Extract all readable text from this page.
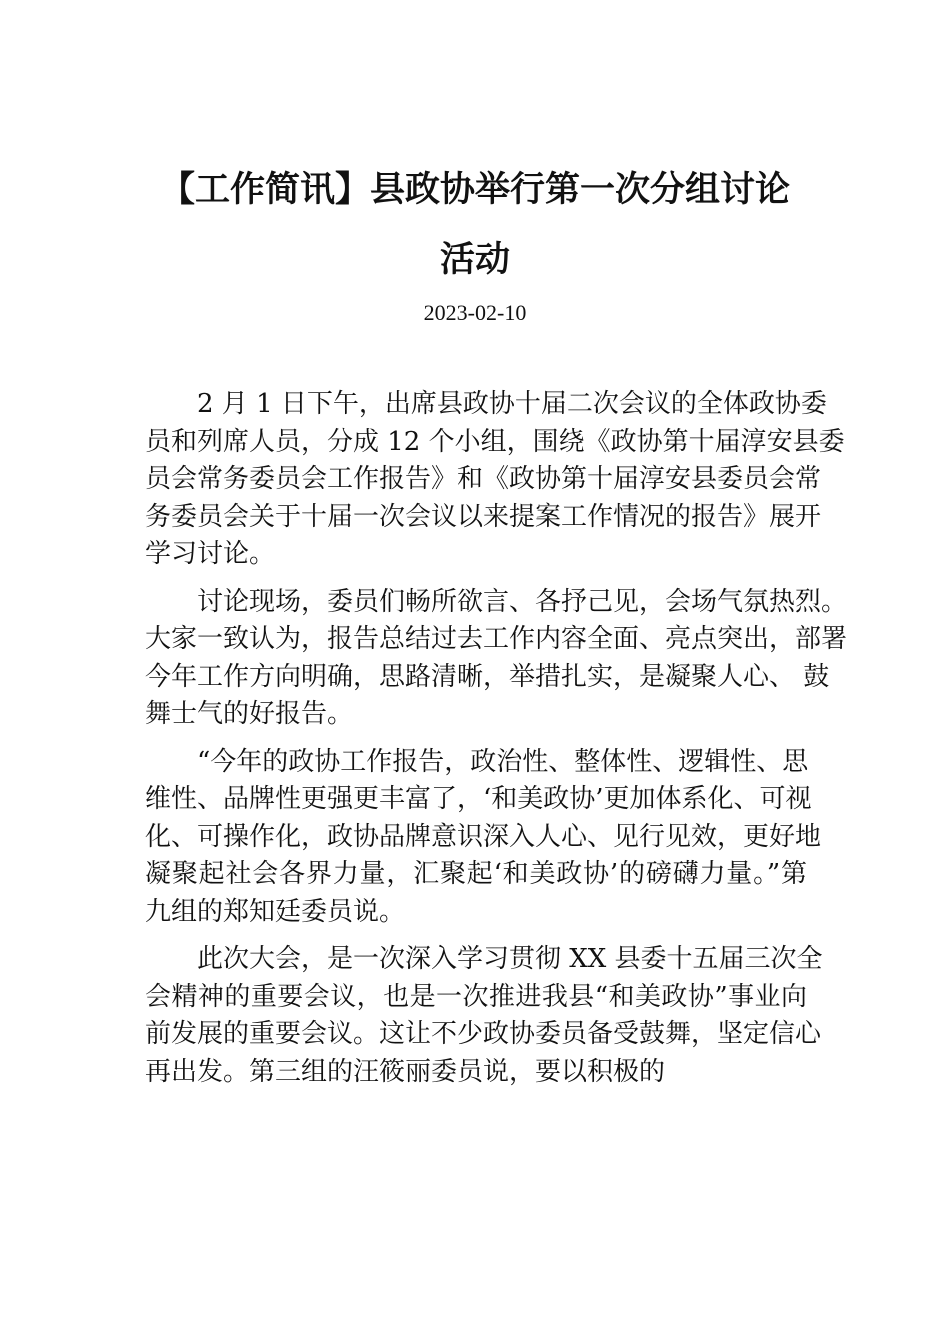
【工作简讯】县政协举行第一次分组讨论
活动
2023-02-10
2 月 1 日下午，出席县政协十届二次会议的全体政协委
员和列席人员，分成 12 个小组，围绕《政协第十届淳安县委
员会常务委员会工作报告》和《政协第十届淳安县委员会常
务委员会关于十届一次会议以来提案工作情况的报告》展开
学习讨论。
讨论现场，委员们畅所欲言、各抒己见，会场气氛热烈。
大家一致认为，报告总结过去工作内容全面、亮点突出，部署
今年工作方向明确，思路清晰，举措扎实，是凝聚人心、 鼓
舞士气的好报告。
“今年的政协工作报告，政治性、整体性、逻辑性、思
维性、品牌性更强更丰富了，‘和美政协’更加体系化、可视
化、可操作化，政协品牌意识深入人心、见行见效，更好地
凝聚起社会各界力量，汇聚起‘和美政协’的磅礴力量。”第
九组的郑知廷委员说。
此次大会，是一次深入学习贯彻 XX 县委十五届三次全
会精神的重要会议，也是一次推进我县“和美政协”事业向
前发展的重要会议。这让不少政协委员备受鼓舞，坚定信心
再出发。第三组的汪筱丽委员说，要以积极的
